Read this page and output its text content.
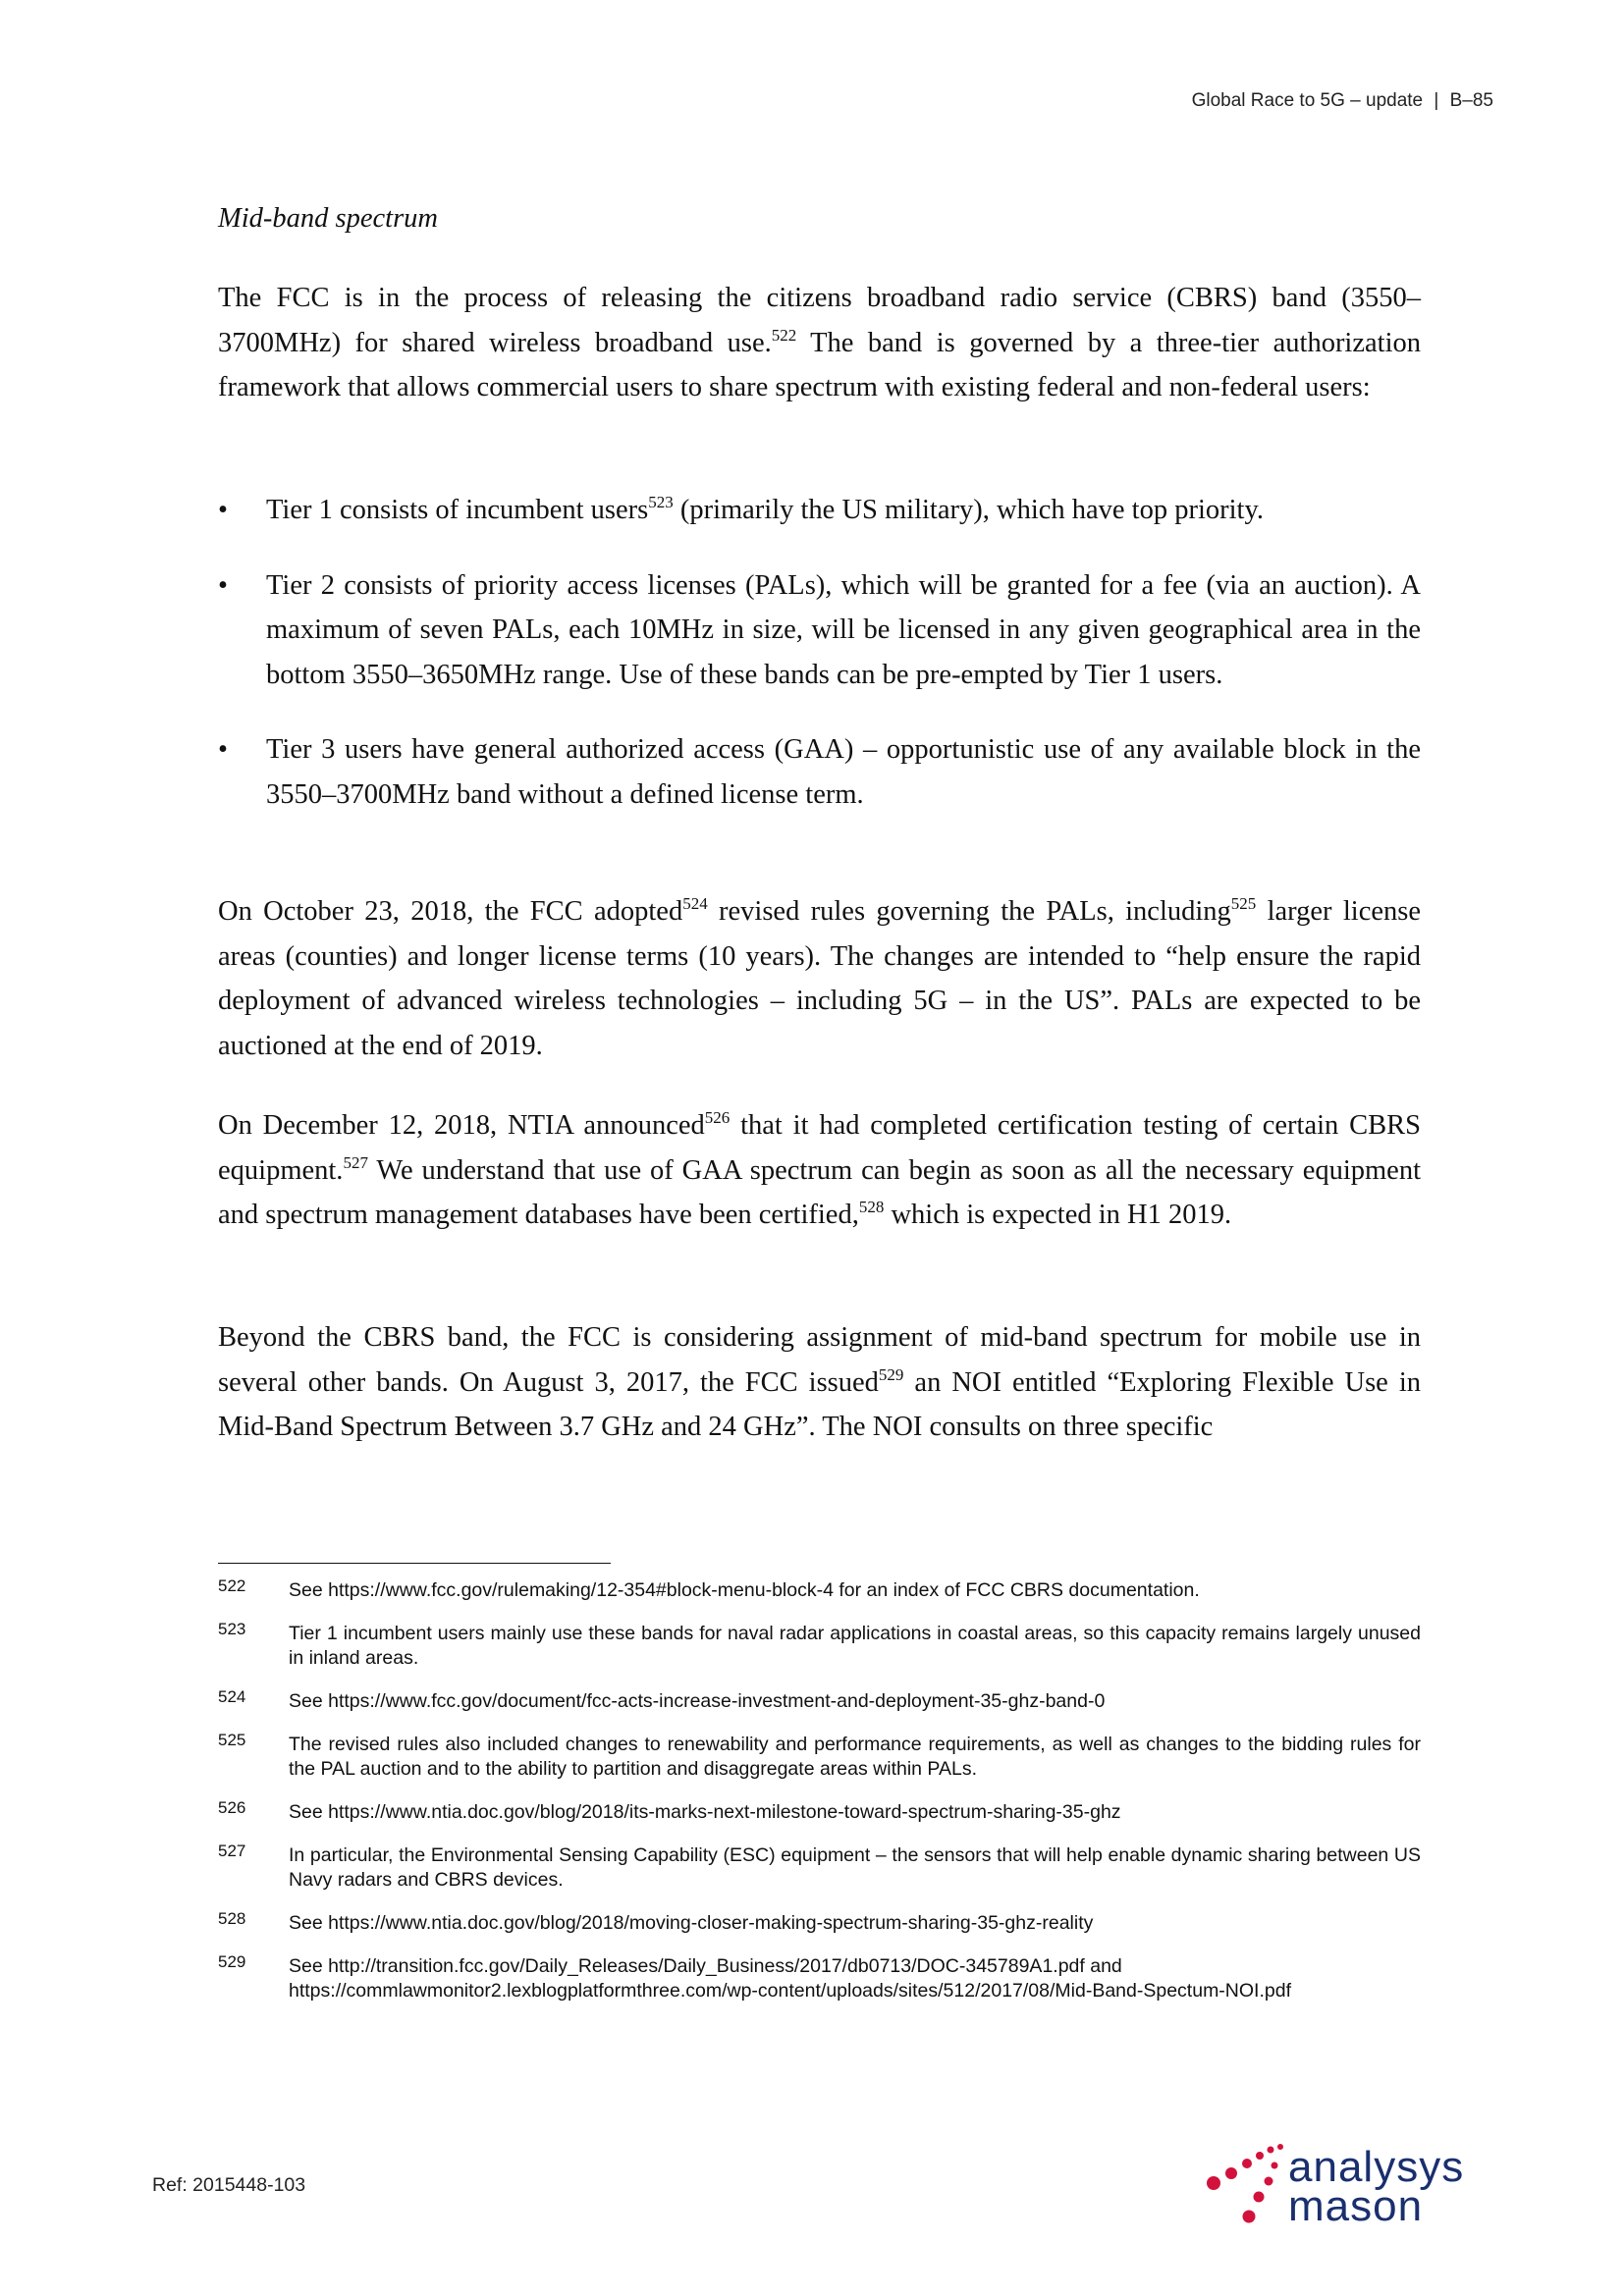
Global Race to 5G – update | B–85
Mid-band spectrum

The FCC is in the process of releasing the citizens broadband radio service (CBRS) band (3550–3700MHz) for shared wireless broadband use.$^{522}$ The band is governed by a three-tier authorization framework that allows commercial users to share spectrum with existing federal and non-federal users:

• Tier 1 consists of incumbent users$^{523}$ (primarily the US military), which have top priority.
• Tier 2 consists of priority access licenses (PALs), which will be granted for a fee (via an auction). A maximum of seven PALs, each 10MHz in size, will be licensed in any given geographical area in the bottom 3550–3650MHz range. Use of these bands can be pre-empted by Tier 1 users.
• Tier 3 users have general authorized access (GAA) – opportunistic use of any available block in the 3550–3700MHz band without a defined license term.

On October 23, 2018, the FCC adopted$^{524}$ revised rules governing the PALs, including$^{525}$ larger license areas (counties) and longer license terms (10 years). The changes are intended to “help ensure the rapid deployment of advanced wireless technologies – including 5G – in the US”. PALs are expected to be auctioned at the end of 2019.

On December 12, 2018, NTIA announced$^{526}$ that it had completed certification testing of certain CBRS equipment.$^{527}$ We understand that use of GAA spectrum can begin as soon as all the necessary equipment and spectrum management databases have been certified,$^{528}$ which is expected in H1 2019.

Beyond the CBRS band, the FCC is considering assignment of mid-band spectrum for mobile use in several other bands. On August 3, 2017, the FCC issued$^{529}$ an NOI entitled “Exploring Flexible Use in Mid-Band Spectrum Between 3.7 GHz and 24 GHz”. The NOI consults on three specific

522 See https://www.fcc.gov/rulemaking/12-354#block-menu-block-4 for an index of FCC CBRS documentation.
523 Tier 1 incumbent users mainly use these bands for naval radar applications in coastal areas, so this capacity remains largely unused in inland areas.
524 See https://www.fcc.gov/document/fcc-acts-increase-investment-and-deployment-35-ghz-band-0
525 The revised rules also included changes to renewability and performance requirements, as well as changes to the bidding rules for the PAL auction and to the ability to partition and disaggregate areas within PALs.
526 See https://www.ntia.doc.gov/blog/2018/its-marks-next-milestone-toward-spectrum-sharing-35-ghz
527 In particular, the Environmental Sensing Capability (ESC) equipment – the sensors that will help enable dynamic sharing between US Navy radars and CBRS devices.
528 See https://www.ntia.doc.gov/blog/2018/moving-closer-making-spectrum-sharing-35-ghz-reality
529 See http://transition.fcc.gov/Daily_Releases/Daily_Business/2017/db0713/DOC-345789A1.pdf and https://commlawmonitor2.lexblogplatformthree.com/wp-content/uploads/sites/512/2017/08/Mid-Band-Spectum-NOI.pdf
Ref: 2015448-103	analysys
mason
